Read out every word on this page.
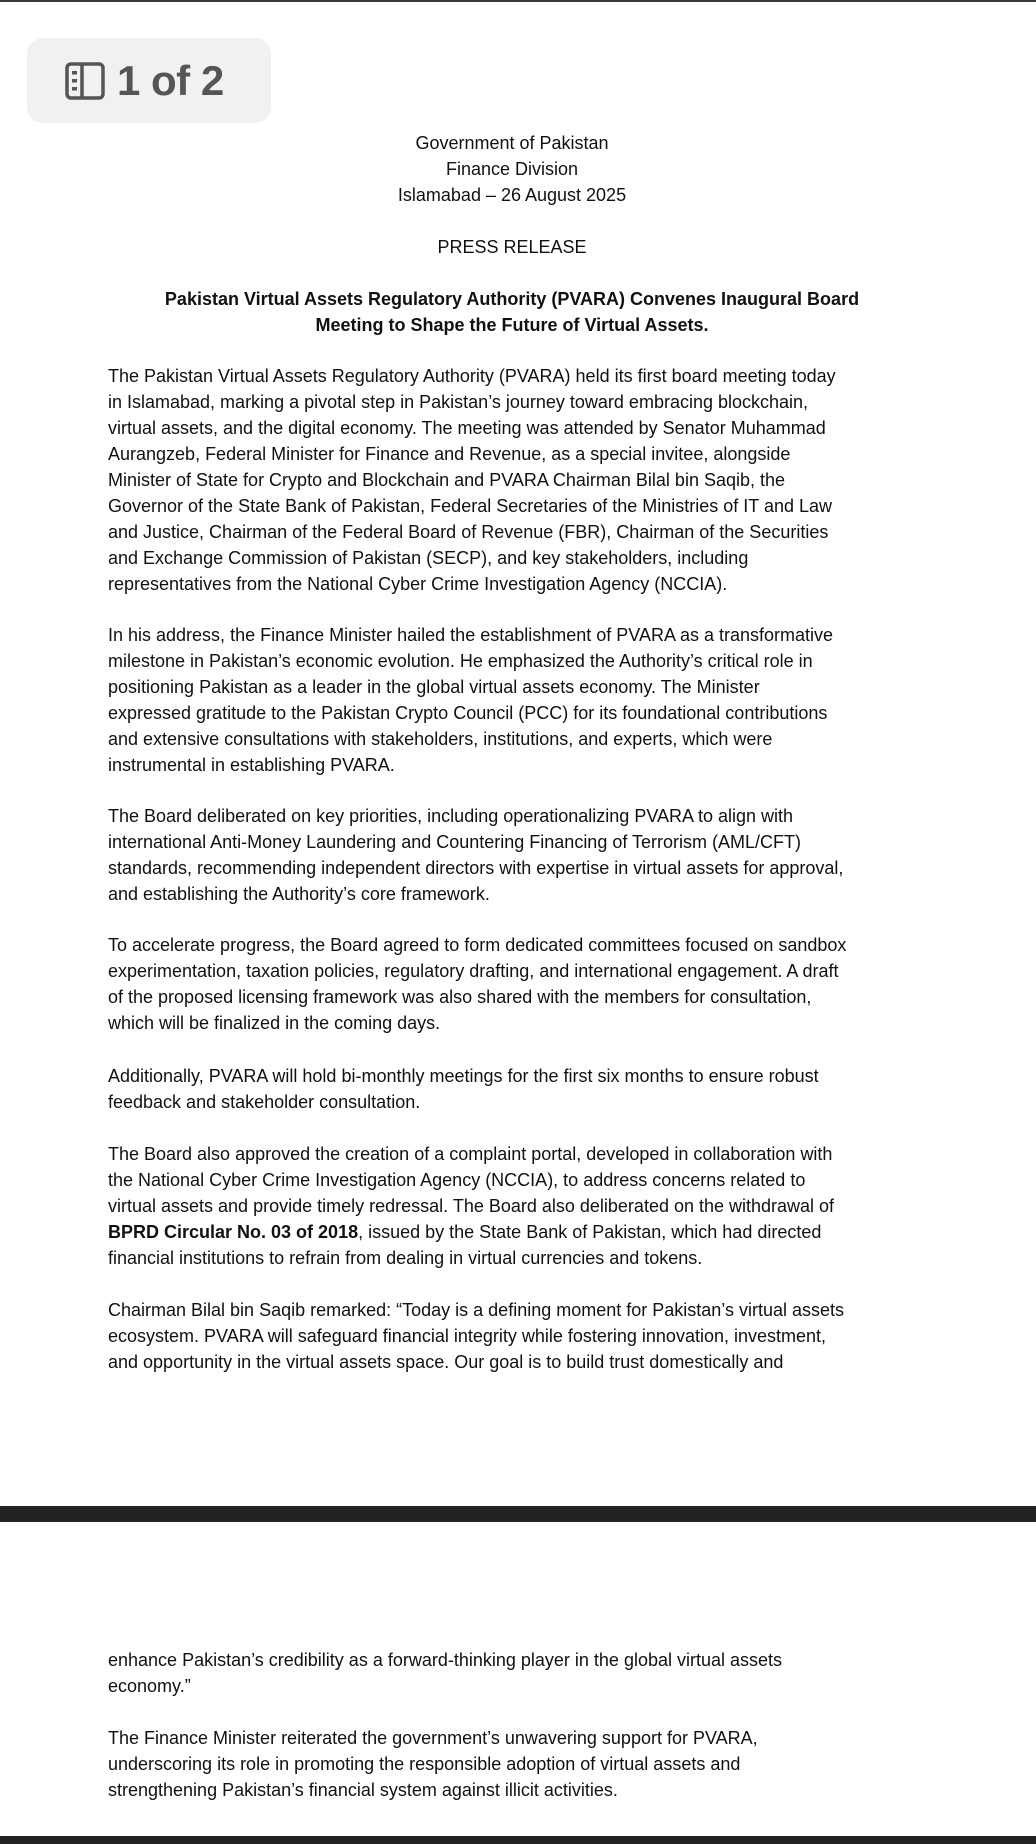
1 of 2
Government of Pakistan
Finance Division
Islamabad – 26 August 2025
PRESS RELEASE
Pakistan Virtual Assets Regulatory Authority (PVARA) Convenes Inaugural Board
Meeting to Shape the Future of Virtual Assets.

The Pakistan Virtual Assets Regulatory Authority (PVARA) held its first board meeting today
in Islamabad, marking a pivotal step in Pakistan’s journey toward embracing blockchain,
virtual assets, and the digital economy. The meeting was attended by Senator Muhammad
Aurangzeb, Federal Minister for Finance and Revenue, as a special invitee, alongside
Minister of State for Crypto and Blockchain and PVARA Chairman Bilal bin Saqib, the
Governor of the State Bank of Pakistan, Federal Secretaries of the Ministries of IT and Law
and Justice, Chairman of the Federal Board of Revenue (FBR), Chairman of the Securities
and Exchange Commission of Pakistan (SECP), and key stakeholders, including
representatives from the National Cyber Crime Investigation Agency (NCCIA).

In his address, the Finance Minister hailed the establishment of PVARA as a transformative
milestone in Pakistan’s economic evolution. He emphasized the Authority’s critical role in
positioning Pakistan as a leader in the global virtual assets economy. The Minister
expressed gratitude to the Pakistan Crypto Council (PCC) for its foundational contributions
and extensive consultations with stakeholders, institutions, and experts, which were
instrumental in establishing PVARA.

The Board deliberated on key priorities, including operationalizing PVARA to align with
international Anti-Money Laundering and Countering Financing of Terrorism (AML/CFT)
standards, recommending independent directors with expertise in virtual assets for approval,
and establishing the Authority’s core framework.

To accelerate progress, the Board agreed to form dedicated committees focused on sandbox
experimentation, taxation policies, regulatory drafting, and international engagement. A draft
of the proposed licensing framework was also shared with the members for consultation,
which will be finalized in the coming days.

Additionally, PVARA will hold bi-monthly meetings for the first six months to ensure robust
feedback and stakeholder consultation.

The Board also approved the creation of a complaint portal, developed in collaboration with
the National Cyber Crime Investigation Agency (NCCIA), to address concerns related to
virtual assets and provide timely redressal. The Board also deliberated on the withdrawal of
BPRD Circular No. 03 of 2018, issued by the State Bank of Pakistan, which had directed
financial institutions to refrain from dealing in virtual currencies and tokens.

Chairman Bilal bin Saqib remarked: “Today is a defining moment for Pakistan’s virtual assets
ecosystem. PVARA will safeguard financial integrity while fostering innovation, investment,
and opportunity in the virtual assets space. Our goal is to build trust domestically and

enhance Pakistan’s credibility as a forward-thinking player in the global virtual assets
economy.”

The Finance Minister reiterated the government’s unwavering support for PVARA,
underscoring its role in promoting the responsible adoption of virtual assets and
strengthening Pakistan’s financial system against illicit activities.
